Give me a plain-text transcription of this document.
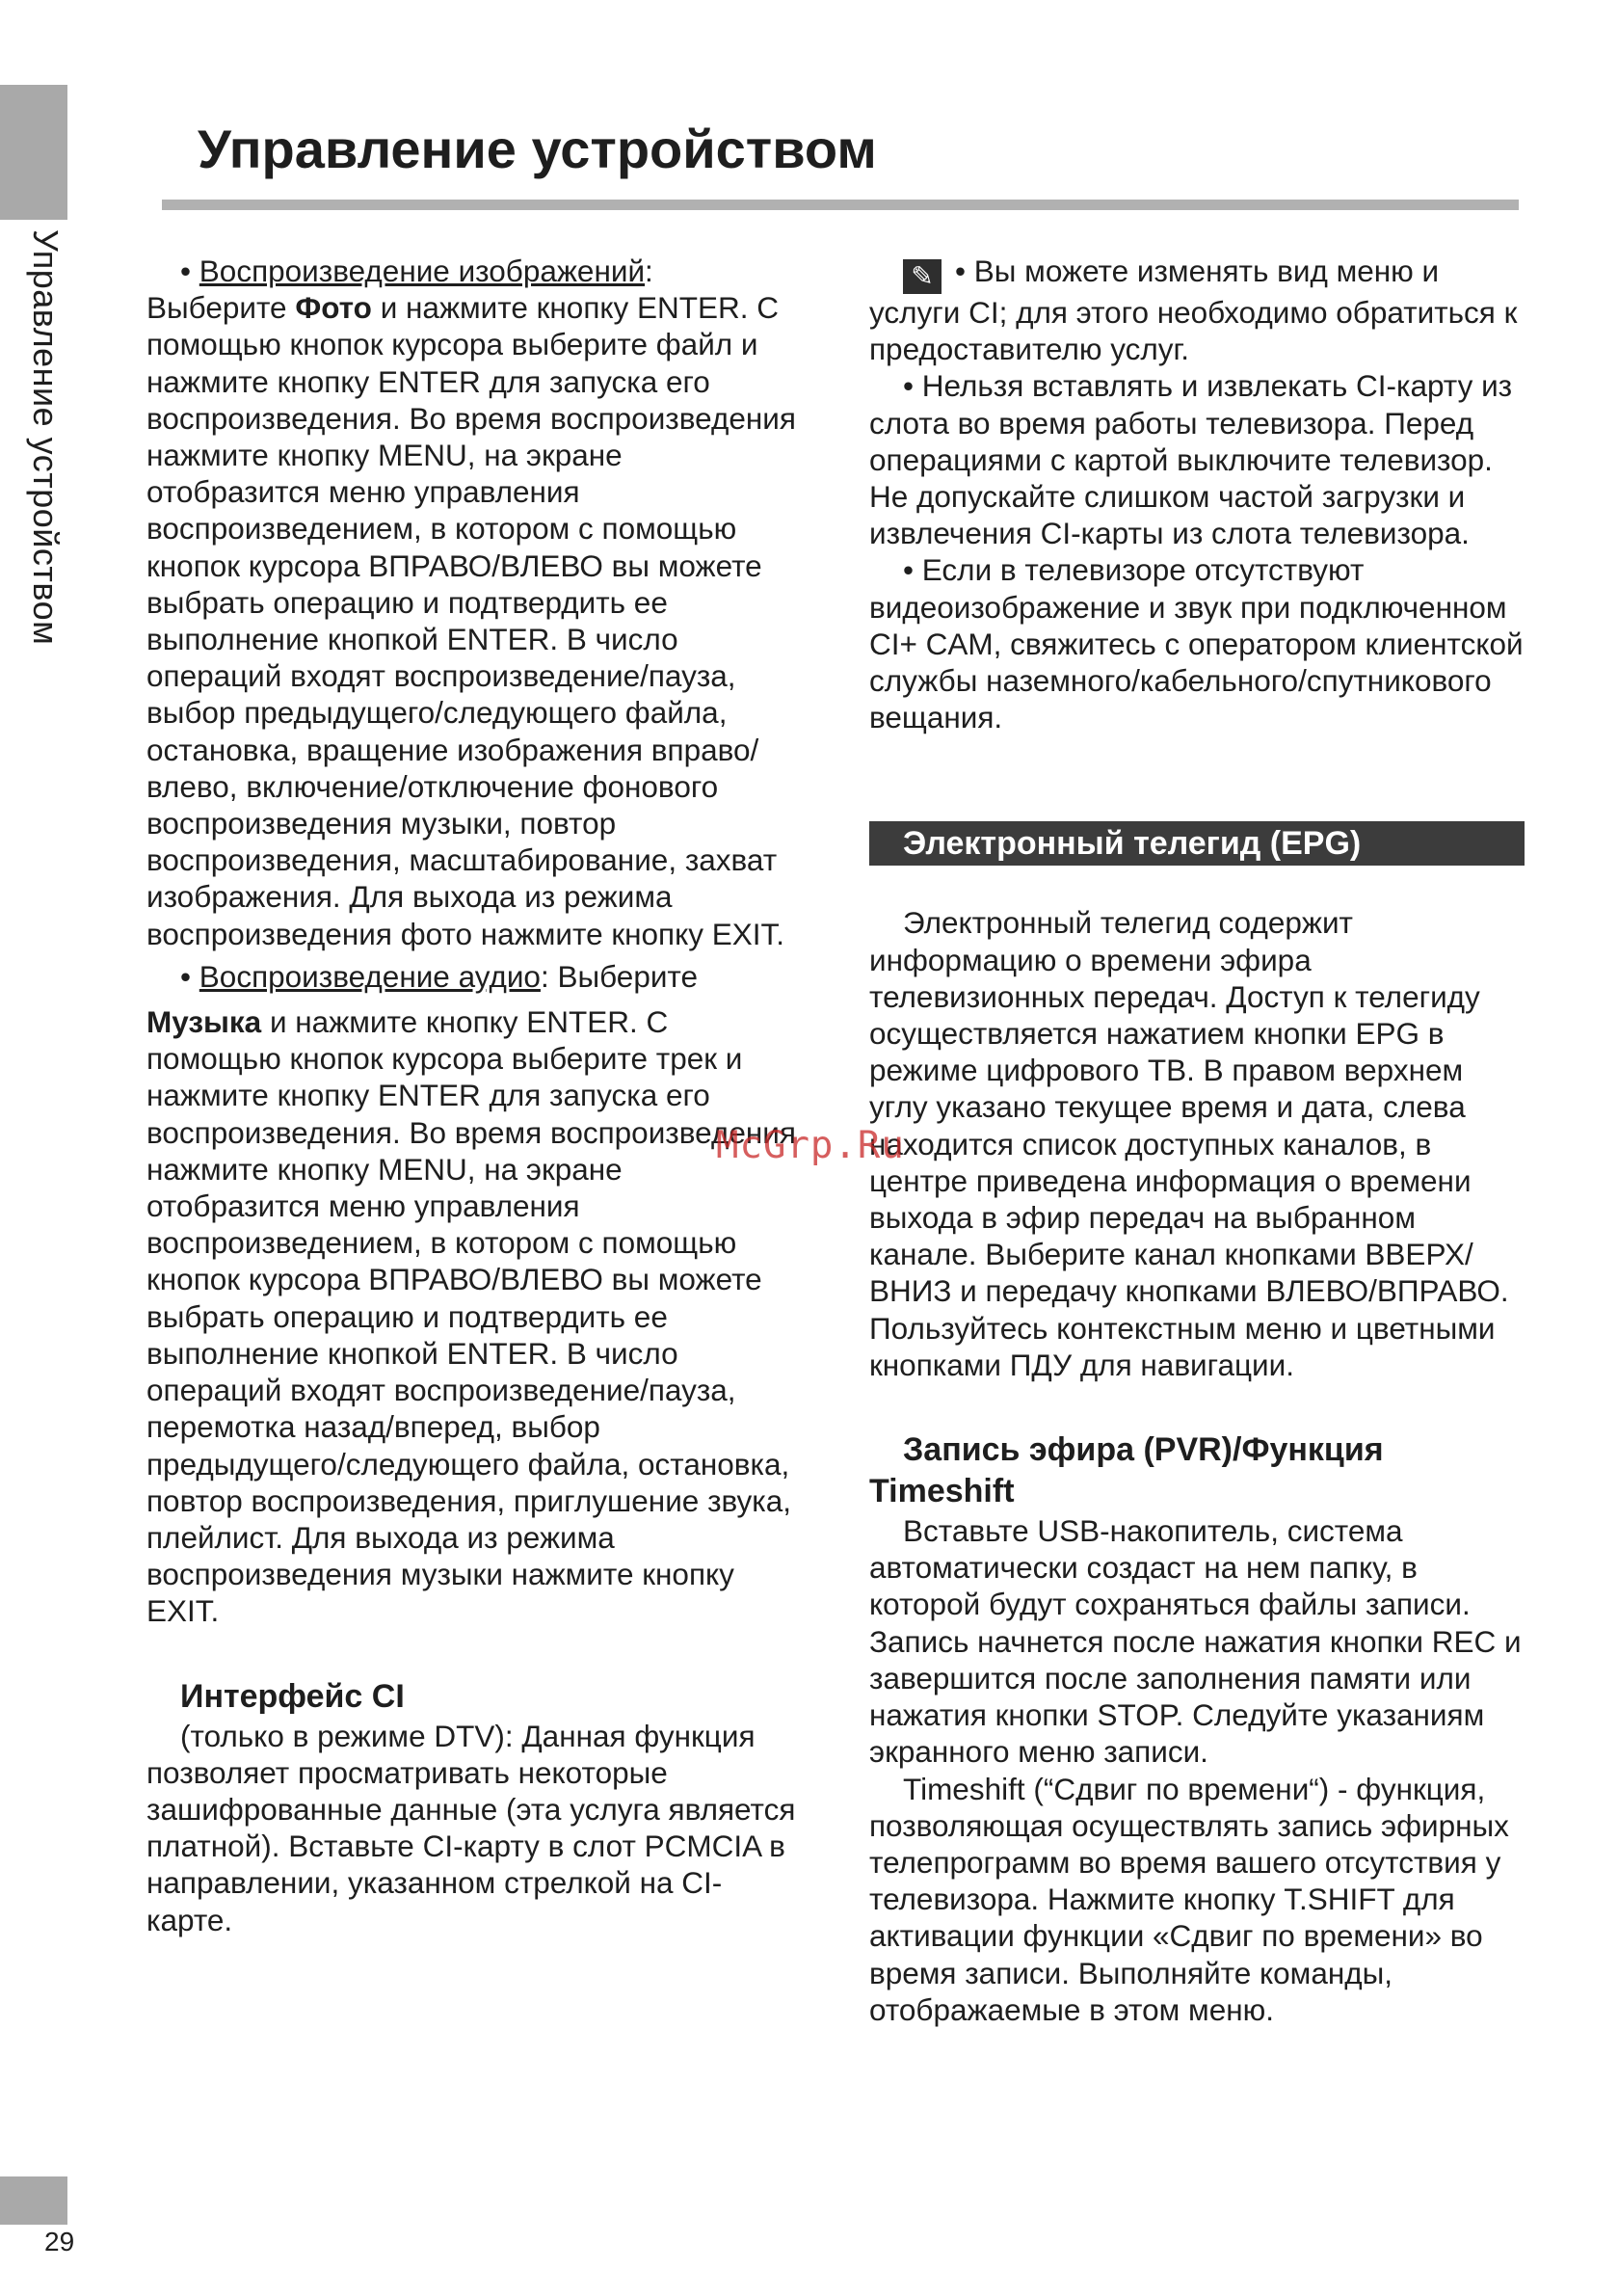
Управление устройством
29
Управление устройством

• Воспроизведение изображений:
Выберите Фото и нажмите кнопку ENTER. С помощью кнопок курсора выберите файл и нажмите кнопку ENTER для запуска его воспроизведения. Во время воспроизведения нажмите кнопку MENU, на экране отобразится меню управления воспроизведением, в котором с помощью кнопок курсора ВПРАВО/ВЛЕВО вы можете выбрать операцию и подтвердить ее выполнение кнопкой ENTER. В число операций входят воспроизведение/пауза, выбор предыдущего/следующего файла, остановка, вращение изображения вправо/влево, включение/отключение фонового воспроизведения музыки, повтор воспроизведения, масштабирование, захват изображения. Для выхода из режима воспроизведения фото нажмите кнопку EXIT.

• Воспроизведение аудио: Выберите

Музыка и нажмите кнопку ENTER. С помощью кнопок курсора выберите трек и нажмите кнопку ENTER для запуска его воспроизведения. Во время воспроизведения нажмите кнопку MENU, на экране отобразится меню управления воспроизведением, в котором с помощью кнопок курсора ВПРАВО/ВЛЕВО вы можете выбрать операцию и подтвердить ее выполнение кнопкой ENTER. В число операций входят воспроизведение/пауза, перемотка назад/вперед, выбор предыдущего/следующего файла, остановка, повтор воспроизведения, приглушение звука, плейлист. Для выхода из режима воспроизведения музыки нажмите кнопку EXIT.

Интерфейс CI

(только в режиме DTV): Данная функция позволяет просматривать некоторые зашифрованные данные (эта услуга является платной). Вставьте CI-карту в слот PCMCIA в направлении, указанном стрелкой на CI-карте.

✎ • Вы можете изменять вид меню и услуги CI; для этого необходимо обратиться к предоставителю услуг.

• Нельзя вставлять и извлекать CI-карту из слота во время работы телевизора. Перед операциями с картой выключите телевизор. Не допускайте слишком частой загрузки и извлечения CI-карты из слота телевизора.

• Если в телевизоре отсутствуют видеоизображение и звук при подключенном CI+ CAM, свяжитесь с оператором клиентской службы наземного/кабельного/спутникового вещания.

Электронный телегид (EPG)

Электронный телегид содержит информацию о времени эфира телевизионных передач. Доступ к телегиду осуществляется нажатием кнопки EPG в режиме цифрового ТВ. В правом верхнем углу указано текущее время и дата, слева находится список доступных каналов, в центре приведена информация о времени выхода в эфир передач на выбранном канале. Выберите канал кнопками ВВЕРХ/ВНИЗ и передачу кнопками ВЛЕВО/ВПРАВО. Пользуйтесь контекстным меню и цветными кнопками ПДУ для навигации.

Запись эфира (PVR)/Функция Timeshift

Вставьте USB-накопитель, система автоматически создаст на нем папку, в которой будут сохраняться файлы записи. Запись начнется после нажатия кнопки REC и завершится после заполнения памяти или нажатия кнопки STOP. Следуйте указаниям экранного меню записи.

Timeshift (“Сдвиг по времени“) - функция, позволяющая осуществлять запись эфирных телепрограмм во время вашего отсутствия у телевизора. Нажмите кнопку T.SHIFT для активации функции «Сдвиг по времени» во время записи. Выполняйте команды, отображаемые в этом меню.

McGrp.Ru
